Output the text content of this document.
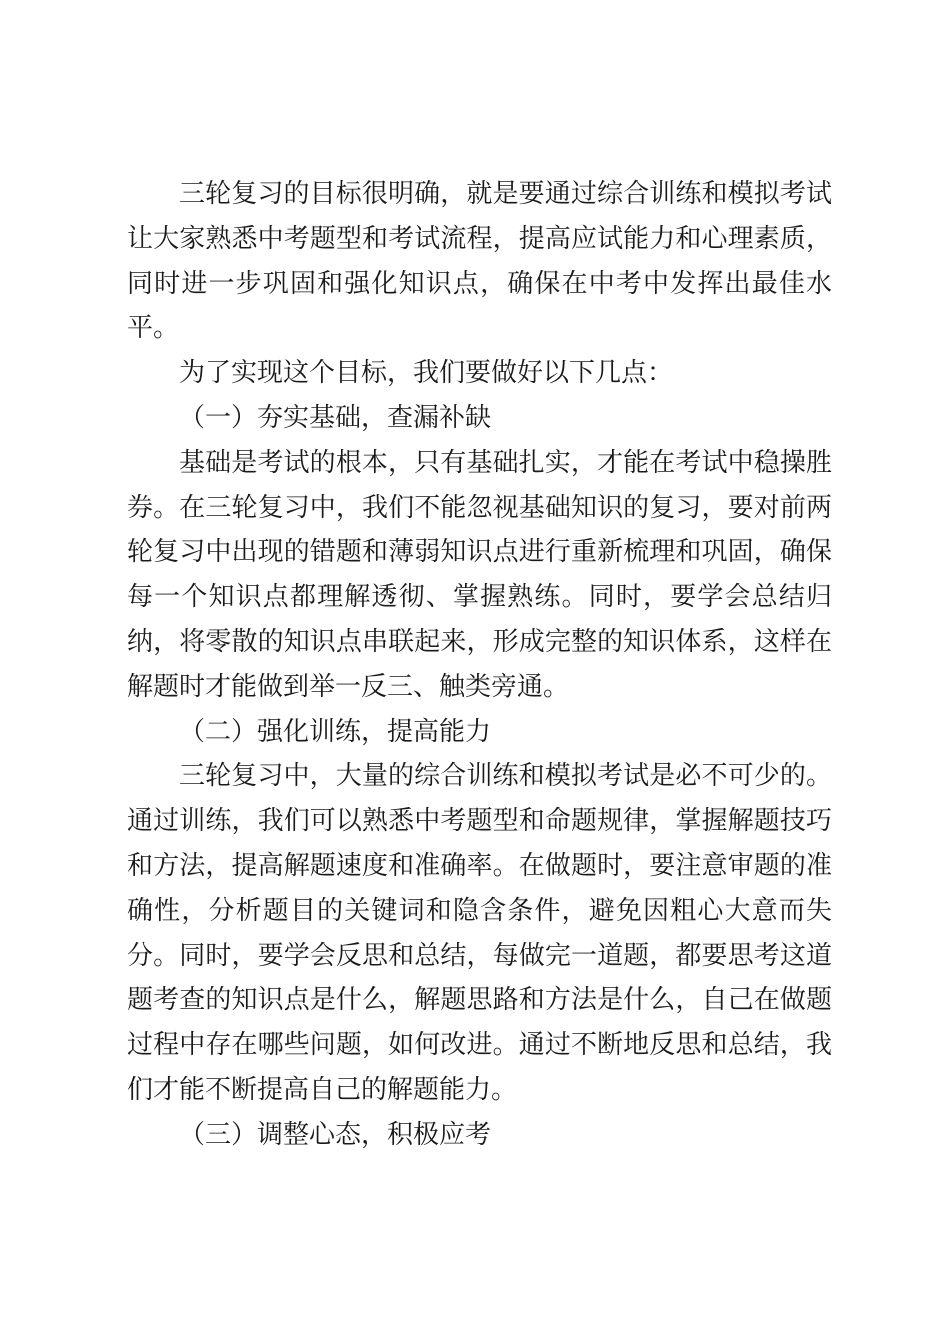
三轮复习的目标很明确，就是要通过综合训练和模拟考试让大家熟悉中考题型和考试流程，提高应试能力和心理素质，同时进一步巩固和强化知识点，确保在中考中发挥出最佳水平。

为了实现这个目标，我们要做好以下几点：

（一）夯实基础，查漏补缺

基础是考试的根本，只有基础扎实，才能在考试中稳操胜券。在三轮复习中，我们不能忽视基础知识的复习，要对前两轮复习中出现的错题和薄弱知识点进行重新梳理和巩固，确保每一个知识点都理解透彻、掌握熟练。同时，要学会总结归纳，将零散的知识点串联起来，形成完整的知识体系，这样在解题时才能做到举一反三、触类旁通。

（二）强化训练，提高能力

三轮复习中，大量的综合训练和模拟考试是必不可少的。通过训练，我们可以熟悉中考题型和命题规律，掌握解题技巧和方法，提高解题速度和准确率。在做题时，要注意审题的准确性，分析题目的关键词和隐含条件，避免因粗心大意而失分。同时，要学会反思和总结，每做完一道题，都要思考这道题考查的知识点是什么，解题思路和方法是什么，自己在做题过程中存在哪些问题，如何改进。通过不断地反思和总结，我们才能不断提高自己的解题能力。

（三）调整心态，积极应考
